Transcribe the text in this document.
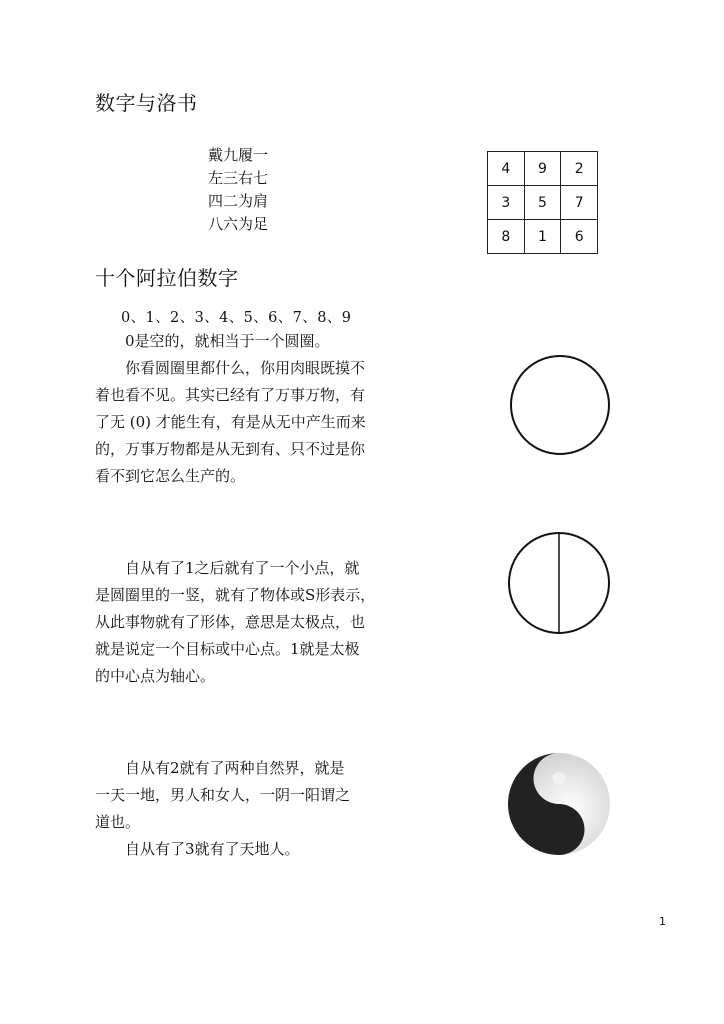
数字与洛书
戴九履一
左三右七
四二为肩
八六为足
4	9	2
3	5	7
8	1	6
十个阿拉伯数字

0、1、2、3、4、5、6、7、8、9

　　0是空的，就相当于一个圆圈。
　　你看圆圈里都什么，你用肉眼既摸不
着也看不见。其实已经有了万事万物，有
了无 (0) 才能生有，有是从无中产生而来
的，万事万物都是从无到有、只不过是你
看不到它怎么生产的。
　　自从有了1之后就有了一个小点，就
是圆圈里的一竖，就有了物体或S形表示，
从此事物就有了形体，意思是太极点，也
就是说定一个目标或中心点。1就是太极
的中心点为轴心。
　　自从有2就有了两种自然界，就是
一天一地，男人和女人，一阴一阳谓之
道也。
　　自从有了3就有了天地人。
1
